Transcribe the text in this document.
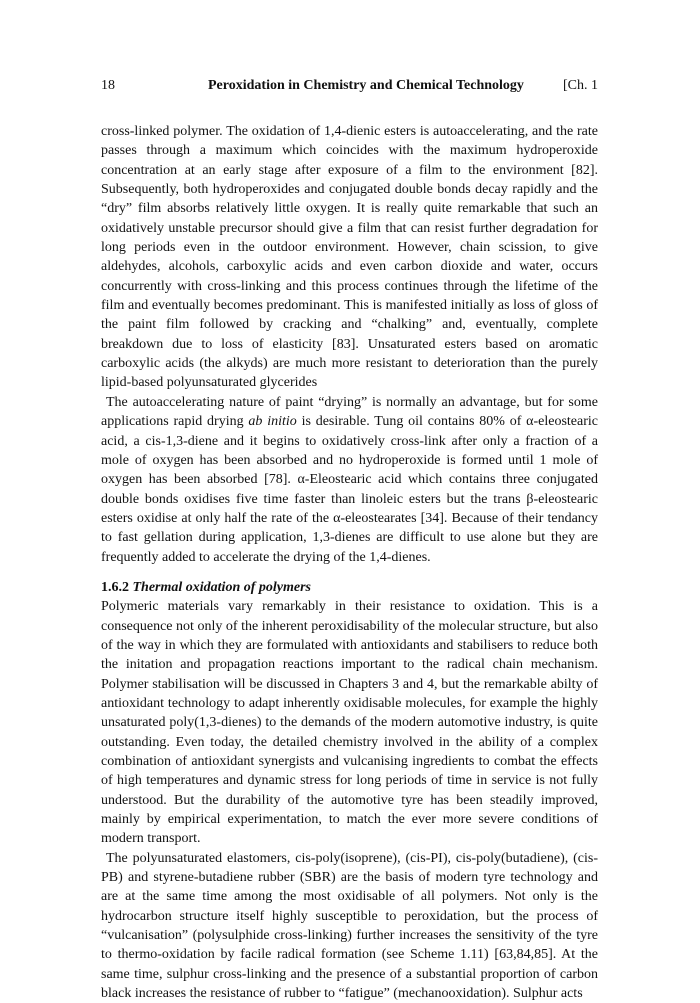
18	Peroxidation in Chemistry and Chemical Technology	[Ch. 1

cross-linked polymer. The oxidation of 1,4-dienic esters is autoaccelerating, and the rate passes through a maximum which coincides with the maximum hydroperoxide concentration at an early stage after exposure of a film to the environment [82]. Subsequently, both hydroperoxides and conjugated double bonds decay rapidly and the “dry” film absorbs relatively little oxygen. It is really quite remarkable that such an oxidatively unstable precursor should give a film that can resist further degradation for long periods even in the outdoor environment. However, chain scission, to give aldehydes, alcohols, carboxylic acids and even carbon dioxide and water, occurs concurrently with cross-linking and this process continues through the lifetime of the film and eventually becomes predominant. This is manifested initially as loss of gloss of the paint film followed by cracking and “chalking” and, eventually, complete breakdown due to loss of elasticity [83]. Unsaturated esters based on aromatic carboxylic acids (the alkyds) are much more resistant to deterioration than the purely lipid-based polyunsaturated glycerides

The autoaccelerating nature of paint “drying” is normally an advantage, but for some applications rapid drying ab initio is desirable. Tung oil contains 80% of α-eleostearic acid, a cis-1,3-diene and it begins to oxidatively cross-link after only a fraction of a mole of oxygen has been absorbed and no hydroperoxide is formed until 1 mole of oxygen has been absorbed [78]. α-Eleostearic acid which contains three conjugated double bonds oxidises five time faster than linoleic esters but the trans β-eleostearic esters oxidise at only half the rate of the α-eleostearates [34]. Because of their tendancy to fast gellation during application, 1,3-dienes are difficult to use alone but they are frequently added to accelerate the drying of the 1,4-dienes.

1.6.2 Thermal oxidation of polymers

Polymeric materials vary remarkably in their resistance to oxidation. This is a consequence not only of the inherent peroxidisability of the molecular structure, but also of the way in which they are formulated with antioxidants and stabilisers to reduce both the initation and propagation reactions important to the radical chain mechanism. Polymer stabilisation will be discussed in Chapters 3 and 4, but the remarkable abilty of antioxidant technology to adapt inherently oxidisable molecules, for example the highly unsaturated poly(1,3-dienes) to the demands of the modern automotive industry, is quite outstanding. Even today, the detailed chemistry involved in the ability of a complex combination of antioxidant synergists and vulcanising ingredients to combat the effects of high temperatures and dynamic stress for long periods of time in service is not fully understood. But the durability of the automotive tyre has been steadily improved, mainly by empirical experimentation, to match the ever more severe conditions of modern transport.

The polyunsaturated elastomers, cis-poly(isoprene), (cis-PI), cis-poly(butadiene), (cis-PB) and styrene-butadiene rubber (SBR) are the basis of modern tyre technology and are at the same time among the most oxidisable of all polymers. Not only is the hydrocarbon structure itself highly susceptible to peroxidation, but the process of “vulcanisation” (polysulphide cross-linking) further increases the sensitivity of the tyre to thermo-oxidation by facile radical formation (see Scheme 1.11) [63,84,85]. At the same time, sulphur cross-linking and the presence of a substantial proportion of carbon black increases the resistance of rubber to “fatigue” (mechanooxidation). Sulphur acts
